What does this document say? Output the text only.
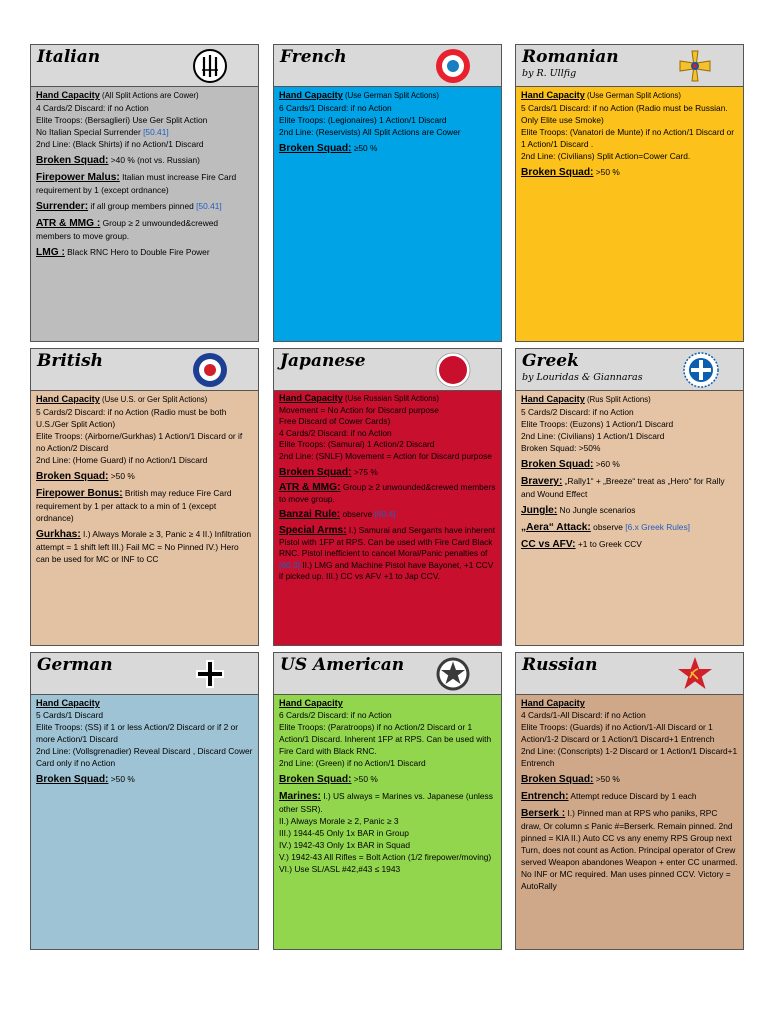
Italian
Hand Capacity (All Split Actions are Cower)
4 Cards/2 Discard: if no Action
Elite Troops: (Bersaglieri) Use Ger Split Action
No Italian Special Surrender [50.41]

2nd Line: (Black Shirts) if no Action/1 Discard

Broken Squad: >40 % (not vs. Russian)

Firepower Malus: Italian must increase Fire Card requirement by 1 (except ordnance)

Surrender: if all group members pinned [50.41]

ATR & MMG : Group ≥ 2 unwounded&crewed members to move group.

LMG : Black RNC Hero to Double Fire Power

French
Hand Capacity (Use German Split Actions)
6 Cards/1 Discard: if no Action
Elite Troops: (Legionaires) 1 Action/1 Discard

2nd Line: (Reservists) All Split Actions are Cower

Broken Squad: ≥50 %

Romanian
by R. Ullfig
Hand Capacity (Use German Split Actions)
5 Cards/1 Discard: if no Action (Radio must be Russian. Only Elite use Smoke)
Elite Troops: (Vanatori de Munte) if no Action/1 Discard or 1 Action/1 Discard .

2nd Line: (Civilians) Split Action=Cower Card.

Broken Squad: >50 %

British
Hand Capacity (Use U.S. or Ger Split Actions)
5 Cards/2 Discard: if no Action (Radio must be both U.S./Ger Split Action)
Elite Troops: (Airborne/Gurkhas) 1 Action/1 Discard or if no Action/2 Discard

2nd Line: (Home Guard) if no Action/1 Discard

Broken Squad: >50 %

Firepower Bonus: British may reduce Fire Card requirement by 1 per attack to a min of 1 (except ordnance)

Gurkhas: I.) Always Morale ≥ 3, Panic ≥ 4 II.) Infiltration attempt = 1 shift left III.) Fail MC = No Pinned IV.) Hero can be used for MC or INF to CC

Japanese
Hand Capacity (Use Russian Split Actions)
Movement = No Action for Discard purpose
Free Discard of Cower Cards)
4 Cards/2 Discard: if no Action
Elite Troops: (Samurai) 1 Action/2 Discard

2nd Line: (SNLF) Movement = Action for Discard purpose

Broken Squad: >75 %

ATR & MMG: Group ≥ 2 unwounded&crewed members to move group.

Banzai Rule: observe [60.4]

Special Arms: I.) Samurai and Sergants have inherent Pistol with 1FP at RPS. Can be used with Fire Card Black RNC. Pistol inefficient to cancel Moral/Panic penalties of [60.3] II.) LMG and Machine Pistol have Bayonet, +1 CCV if picked up. III.) CC vs AFV +1 to Jap CCV.

Greek
by Louridas & Giannaras
Hand Capacity (Rus Split Actions)
5 Cards/2 Discard: if no Action
Elite Troops: (Euzons) 1 Action/1 Discard
2nd Line: (Civilians) 1 Action/1 Discard

Broken Squad: >50%

Broken Squad: >60 %

Bravery: „Rally1“ + „Breeze“ treat as „Hero“ for Rally and Wound Effect

Jungle: No Jungle scenarios

„Aera“ Attack: observe [6.x Greek Rules]

CC vs AFV: +1 to Greek CCV

German
Hand Capacity
5 Cards/1 Discard
Elite Troops: (SS) if 1 or less Action/2 Discard or if 2 or more Action/1 Discard

2nd Line: (Vollsgrenadier) Reveal Discard , Discard Cower Card only if no Action

Broken Squad: >50 %

US American
Hand Capacity
6 Cards/2 Discard: if no Action
Elite Troops: (Paratroops) if no Action/2 Discard or 1 Action/1 Discard. Inherent 1FP at RPS. Can be used with Fire Card with Black RNC.

2nd Line: (Green) if no Action/1 Discard

Broken Squad: >50 %

Marines: I.) US always = Marines vs. Japanese (unless other SSR).
II.) Always Morale ≥ 2, Panic ≥ 3
III.) 1944-45 Only 1x BAR in Group
IV.) 1942-43 Only 1x BAR in Squad
V.) 1942-43 All Rifles = Bolt Action (1/2 firepower/moving)
VI.) Use SL/ASL #42,#43 ≤ 1943
Russian
Hand Capacity
4 Cards/1-All Discard: if no Action
Elite Troops: (Guards) if no Action/1-All Discard or 1 Action/1-2 Discard or 1 Action/1 Discard+1 Entrench

2nd Line: (Conscripts) 1-2 Discard or 1 Action/1 Discard+1 Entrench

Broken Squad: >50 %

Entrench: Attempt reduce Discard by 1 each

Berserk : I.) Pinned man at RPS who paniks, RPC draw, Or column ≤ Panic #=Berserk. Remain pinned. 2nd pinned = KIA II.) Auto CC vs any enemy RPS Group next Turn, does not count as Action. Principal operator of Crew served Weapon abandones Weapon + enter CC unarmed. No INF or MC required. Man uses pinned CCV. Victory = AutoRally
